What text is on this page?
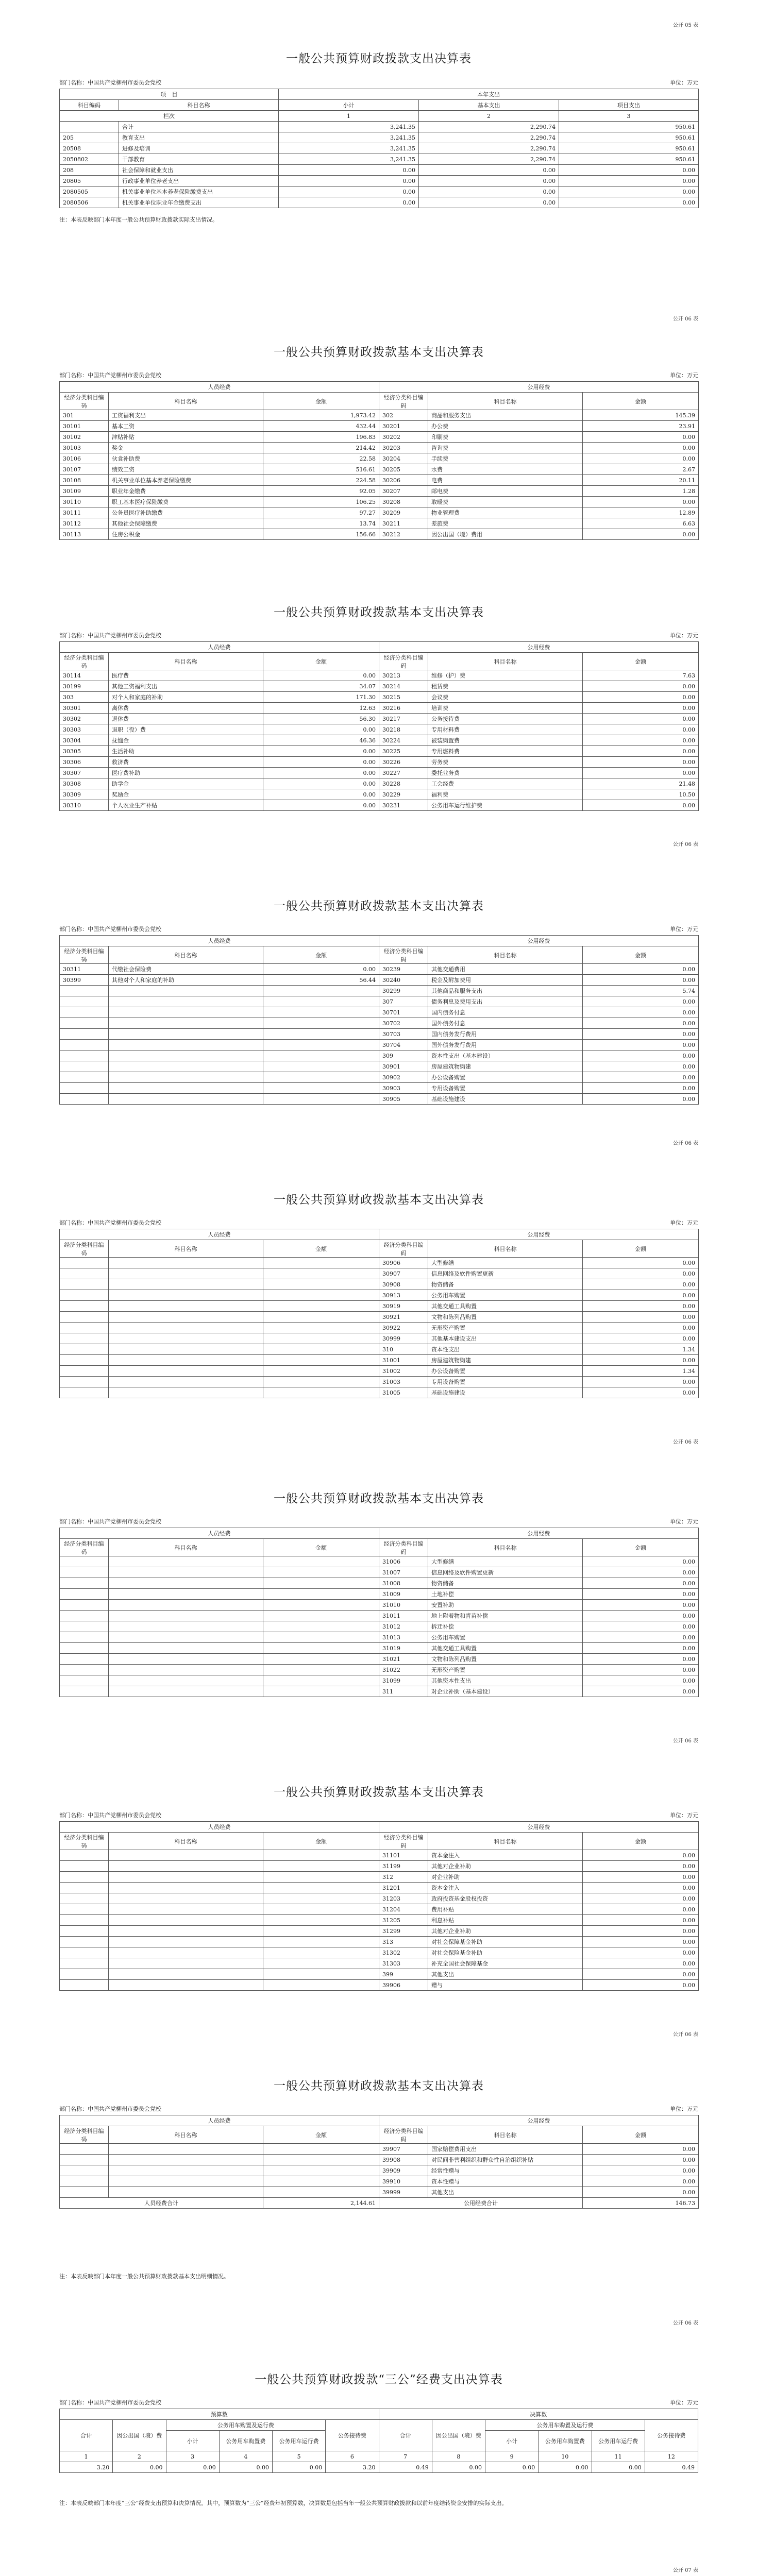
公开 05 表
一般公共预算财政拨款支出决算表
部门名称：中国共产党柳州市委员会党校	单位：万元
项　目		本年支出		
科目编码	科目名称	小计	基本支出	项目支出
栏次		1	2	3
	合计	3,241.35	2,290.74	950.61
205	教育支出	3,241.35	2,290.74	950.61
20508	进修及培训	3,241.35	2,290.74	950.61
2050802	干部教育	3,241.35	2,290.74	950.61
208	社会保障和就业支出	0.00	0.00	0.00
20805	行政事业单位养老支出	0.00	0.00	0.00
2080505	机关事业单位基本养老保险缴费支出	0.00	0.00	0.00
2080506	机关事业单位职业年金缴费支出	0.00	0.00	0.00
注：本表反映部门本年度一般公共预算财政拨款实际支出情况。
公开 06 表
一般公共预算财政拨款基本支出决算表
部门名称：中国共产党柳州市委员会党校	单位：万元
人员经费			公用经费		
经济分类科目编码	科目名称	金额	经济分类科目编码	科目名称	金额
301	工资福利支出	1,973.42	302	商品和服务支出	145.39
30101	基本工资	432.44	30201	办公费	23.91
30102	津贴补贴	196.83	30202	印刷费	0.00
30103	奖金	214.42	30203	咨询费	0.00
30106	伙食补助费	22.58	30204	手续费	0.00
30107	绩效工资	516.61	30205	水费	2.67
30108	机关事业单位基本养老保险缴费	224.58	30206	电费	20.11
30109	职业年金缴费	92.05	30207	邮电费	1.28
30110	职工基本医疗保险缴费	106.25	30208	取暖费	0.00
30111	公务员医疗补助缴费	97.27	30209	物业管理费	12.89
30112	其他社会保障缴费	13.74	30211	差旅费	6.63
30113	住房公积金	156.66	30212	因公出国（境）费用	0.00
一般公共预算财政拨款基本支出决算表
部门名称：中国共产党柳州市委员会党校	单位：万元
人员经费			公用经费		
经济分类科目编码	科目名称	金额	经济分类科目编码	科目名称	金额
30114	医疗费	0.00	30213	维修（护）费	7.63
30199	其他工资福利支出	34.07	30214	租赁费	0.00
303	对个人和家庭的补助	171.30	30215	会议费	0.00
30301	离休费	12.63	30216	培训费	0.00
30302	退休费	56.30	30217	公务接待费	0.00
30303	退职（役）费	0.00	30218	专用材料费	0.00
30304	抚恤金	46.36	30224	被装购置费	0.00
30305	生活补助	0.00	30225	专用燃料费	0.00
30306	救济费	0.00	30226	劳务费	0.00
30307	医疗费补助	0.00	30227	委托业务费	0.00
30308	助学金	0.00	30228	工会经费	21.48
30309	奖励金	0.00	30229	福利费	10.50
30310	个人农业生产补贴	0.00	30231	公务用车运行维护费	0.00
公开 06 表
一般公共预算财政拨款基本支出决算表
部门名称：中国共产党柳州市委员会党校	单位：万元
人员经费			公用经费		
经济分类科目编码	科目名称	金额	经济分类科目编码	科目名称	金额
30311	代缴社会保险费	0.00	30239	其他交通费用	0.00
30399	其他对个人和家庭的补助	56.44	30240	税金及附加费用	0.00
			30299	其他商品和服务支出	5.74
			307	债务利息及费用支出	0.00
			30701	国内债务付息	0.00
			30702	国外债务付息	0.00
			30703	国内债务发行费用	0.00
			30704	国外债务发行费用	0.00
			309	资本性支出（基本建设）	0.00
			30901	房屋建筑物购建	0.00
			30902	办公设备购置	0.00
			30903	专用设备购置	0.00
			30905	基础设施建设	0.00
公开 06 表
一般公共预算财政拨款基本支出决算表
部门名称：中国共产党柳州市委员会党校	单位：万元
人员经费			公用经费		
经济分类科目编码	科目名称	金额	经济分类科目编码	科目名称	金额
			30906	大型修缮	0.00
			30907	信息网络及软件购置更新	0.00
			30908	物资储备	0.00
			30913	公务用车购置	0.00
			30919	其他交通工具购置	0.00
			30921	文物和陈列品购置	0.00
			30922	无形资产购置	0.00
			30999	其他基本建设支出	0.00
			310	资本性支出	1.34
			31001	房屋建筑物购建	0.00
			31002	办公设备购置	1.34
			31003	专用设备购置	0.00
			31005	基础设施建设	0.00
公开 06 表
一般公共预算财政拨款基本支出决算表
部门名称：中国共产党柳州市委员会党校	单位：万元
人员经费			公用经费		
经济分类科目编码	科目名称	金额	经济分类科目编码	科目名称	金额
			31006	大型修缮	0.00
			31007	信息网络及软件购置更新	0.00
			31008	物资储备	0.00
			31009	土地补偿	0.00
			31010	安置补助	0.00
			31011	地上附着物和青苗补偿	0.00
			31012	拆迁补偿	0.00
			31013	公务用车购置	0.00
			31019	其他交通工具购置	0.00
			31021	文物和陈列品购置	0.00
			31022	无形资产购置	0.00
			31099	其他资本性支出	0.00
			311	对企业补助（基本建设）	0.00
公开 06 表
一般公共预算财政拨款基本支出决算表
部门名称：中国共产党柳州市委员会党校	单位：万元
人员经费			公用经费		
经济分类科目编码	科目名称	金额	经济分类科目编码	科目名称	金额
			31101	资本金注入	0.00
			31199	其他对企业补助	0.00
			312	对企业补助	0.00
			31201	资本金注入	0.00
			31203	政府投资基金股权投资	0.00
			31204	费用补贴	0.00
			31205	利息补贴	0.00
			31299	其他对企业补助	0.00
			313	对社会保障基金补助	0.00
			31302	对社会保险基金补助	0.00
			31303	补充全国社会保障基金	0.00
			399	其他支出	0.00
			39906	赠与	0.00
公开 06 表
一般公共预算财政拨款基本支出决算表
部门名称：中国共产党柳州市委员会党校	单位：万元
人员经费			公用经费		
经济分类科目编码	科目名称	金额	经济分类科目编码	科目名称	金额
			39907	国家赔偿费用支出	0.00
			39908	对民间非营利组织和群众性自治组织补贴	0.00
			39909	经常性赠与	0.00
			39910	资本性赠与	0.00
			39999	其他支出	0.00
人员经费合计		2,144.61	公用经费合计		146.73
注：本表反映部门本年度一般公共预算财政拨款基本支出明细情况。
公开 06 表
一般公共预算财政拨款“三公”经费支出决算表
部门名称：中国共产党柳州市委员会党校	单位：万元
预算数						决算数					
合计	因公出国（境）费	公务用车购置及运行费			公务接待费	合计	因公出国（境）费	公务用车购置及运行费			公务接待费
		小计	公务用车购置费	公务用车运行费				小计	公务用车购置费	公务用车运行费	
1	2	3	4	5	6	7	8	9	10	11	12
3.20	0.00	0.00	0.00	0.00	3.20	0.49	0.00	0.00	0.00	0.00	0.49
注：本表反映部门本年度“三公”经费支出预算和决算情况。其中，预算数为“三公”经费年初预算数，决算数是包括当年一般公共预算财政拨款和以前年度结转资金安排的实际支出。
公开 07 表
